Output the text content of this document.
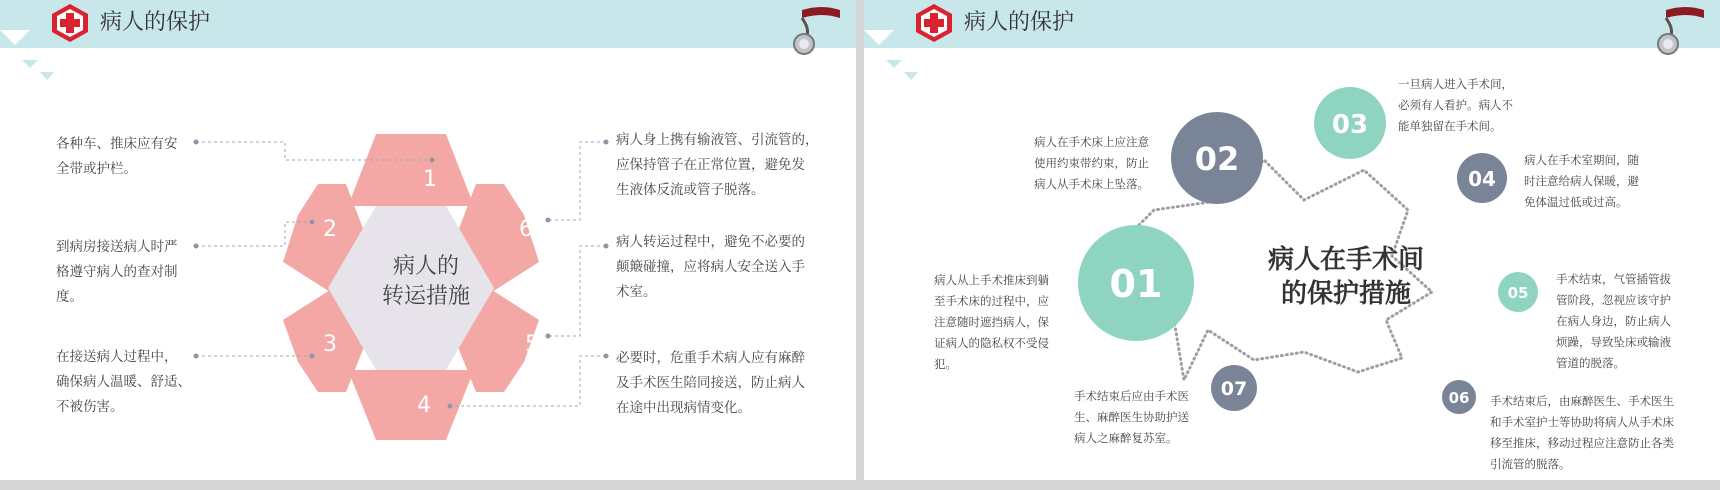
病人的保护
病人的
转运措施
1
2
3
4
5
6
各种车、推床应有安
全带或护栏。
到病房接送病人时严
格遵守病人的查对制
度。
在接送病人过程中，
确保病人温暖、舒适、
不被伤害。
病人身上携有输液管、引流管的，
应保持管子在正常位置，避免发
生液体反流或管子脱落。
病人转运过程中，避免不必要的
颠簸碰撞，应将病人安全送入手
术室。
必要时，危重手术病人应有麻醉
及手术医生陪同接送，防止病人
在途中出现病情变化。
病人的保护
01
02
03
04
05
06
07
病人在手术间
的保护措施
病人从上手术推床到躺
至手术床的过程中，应
注意随时遮挡病人，保
证病人的隐私权不受侵
犯。
病人在手术床上应注意
使用约束带约束，防止
病人从手术床上坠落。
一旦病人进入手术间，
必须有人看护。病人不
能单独留在手术间。
病人在手术室期间，随
时注意给病人保暖，避
免体温过低或过高。
手术结束，气管插管拔
管阶段，忽视应该守护
在病人身边，防止病人
烦躁，导致坠床或输液
管道的脱落。
手术结束后，由麻醉医生、手术医生
和手术室护士等协助将病人从手术床
移至推床，移动过程应注意防止各类
引流管的脱落。
手术结束后应由手术医
生、麻醉医生协助护送
病人之麻醉复苏室。
